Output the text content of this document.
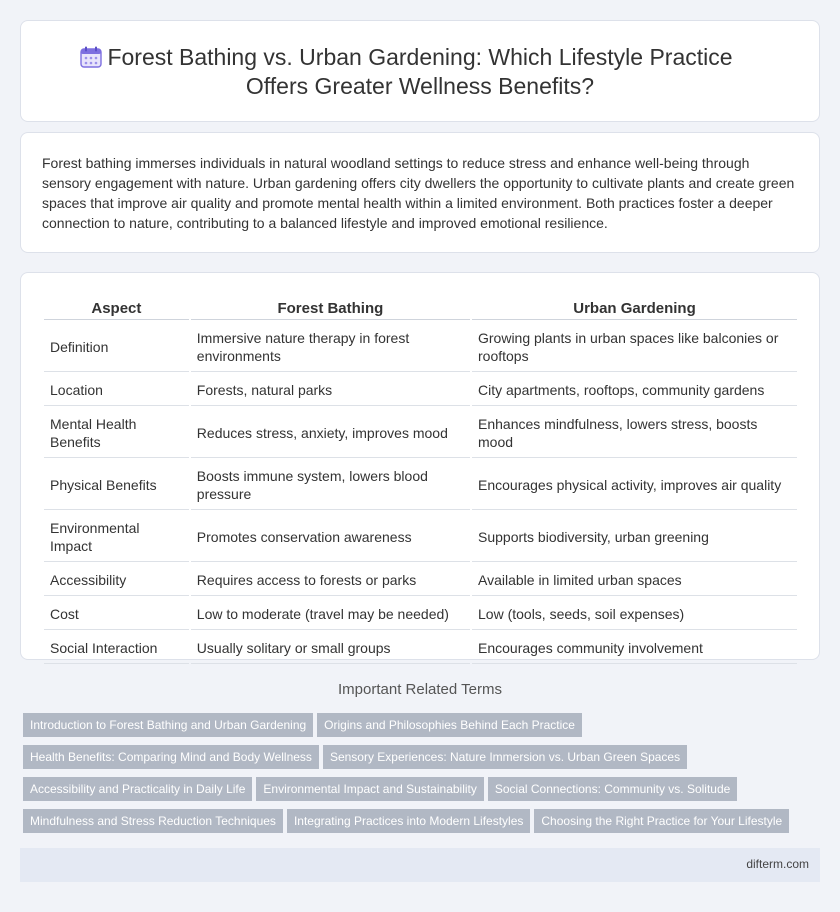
Forest Bathing vs. Urban Gardening: Which Lifestyle Practice
Offers Greater Wellness Benefits?

Forest bathing immerses individuals in natural woodland settings to reduce stress and enhance well-being through sensory engagement with nature. Urban gardening offers city dwellers the opportunity to cultivate plants and create green spaces that improve air quality and promote mental health within a limited environment. Both practices foster a deeper connection to nature, contributing to a balanced lifestyle and improved emotional resilience.

Aspect	Forest Bathing	Urban Gardening
Definition	Immersive nature therapy in forest environments	Growing plants in urban spaces like balconies or rooftops
Location	Forests, natural parks	City apartments, rooftops, community gardens
Mental Health Benefits	Reduces stress, anxiety, improves mood	Enhances mindfulness, lowers stress, boosts mood
Physical Benefits	Boosts immune system, lowers blood pressure	Encourages physical activity, improves air quality
Environmental Impact	Promotes conservation awareness	Supports biodiversity, urban greening
Accessibility	Requires access to forests or parks	Available in limited urban spaces
Cost	Low to moderate (travel may be needed)	Low (tools, seeds, soil expenses)
Social Interaction	Usually solitary or small groups	Encourages community involvement
Important Related Terms
Introduction to Forest Bathing and Urban Gardening Origins and Philosophies Behind Each Practice
Health Benefits: Comparing Mind and Body Wellness Sensory Experiences: Nature Immersion vs. Urban Green Spaces
Accessibility and Practicality in Daily Life Environmental Impact and Sustainability Social Connections: Community vs. Solitude
Mindfulness and Stress Reduction Techniques Integrating Practices into Modern Lifestyles Choosing the Right Practice for Your Lifestyle
difterm.com
